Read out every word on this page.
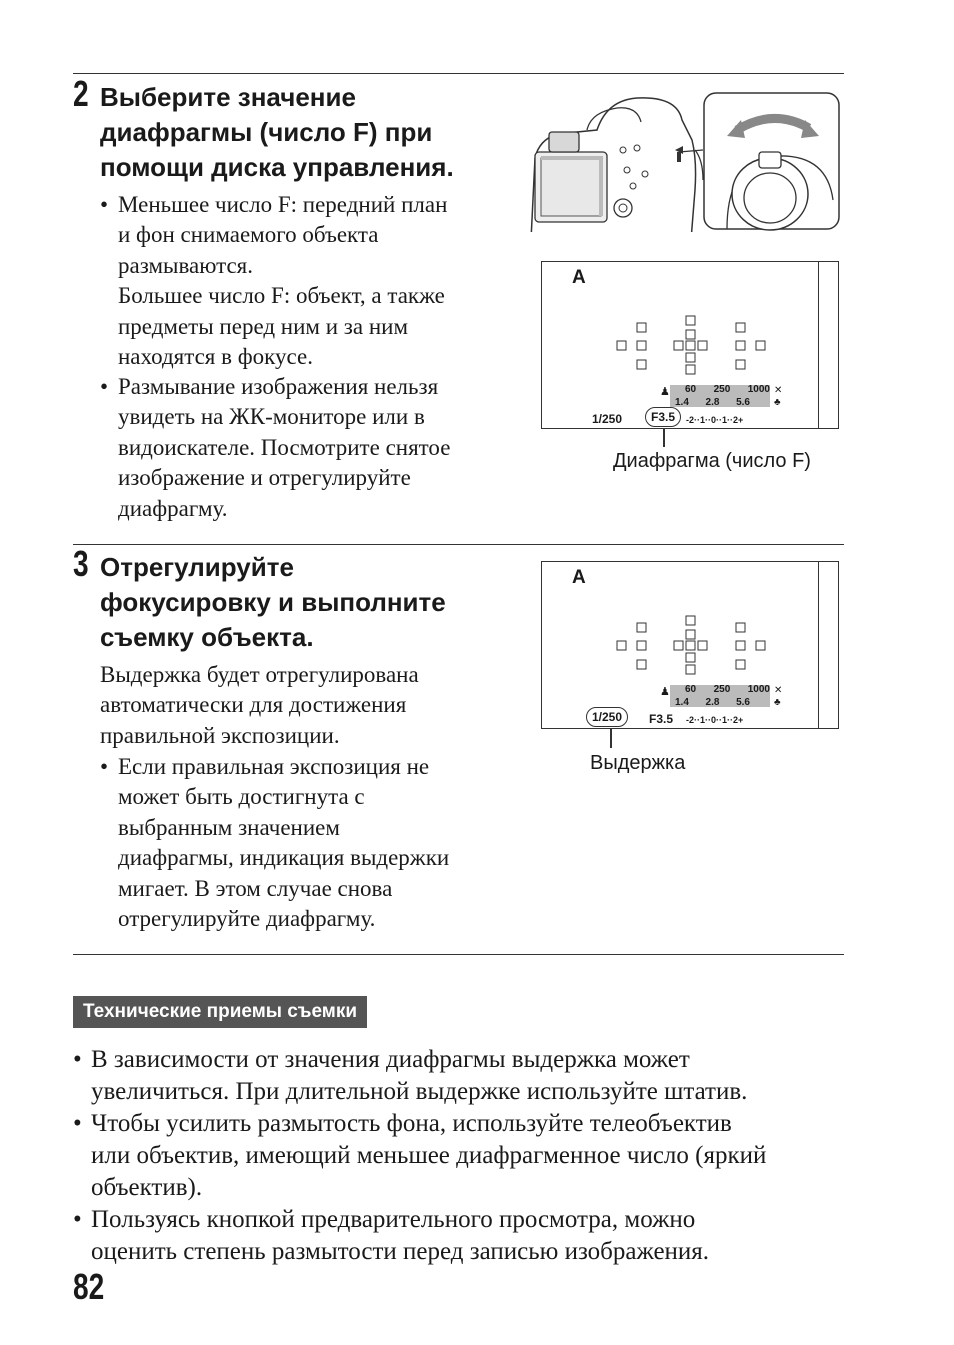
2 Выберите значение
диафрагмы (число F) при
помощи диска управления.
• Меньшее число F: передний план
и фон снимаемого объекта
размываются.
Большее число F: объект, а также
предметы перед ним и за ним
находятся в фокусе.
• Размывание изображения нельзя
увидеть на ЖК-мониторе или в
видоискателе. Посмотрите снятое
изображение и отрегулируйте
диафрагму.
A
60 250 1000
1.4 2.8 5.6
♟	✕
♣
1/250	F3.5	-2··1··0··1··2+
Диафрагма (число F)
3 Отрегулируйте
фокусировку и выполните
съемку объекта.
Выдержка будет отрегулирована
автоматически для достижения
правильной экспозиции.
• Если правильная экспозиция не
может быть достигнута с
выбранным значением
диафрагмы, индикация выдержки
мигает. В этом случае снова
отрегулируйте диафрагму.
A
60 250 1000
1.4 2.8 5.6
♟	✕
♣
1/250	F3.5 -2··1··0··1··2+
Выдержка
Технические приемы съемки
• В зависимости от значения диафрагмы выдержка может
увеличиться. При длительной выдержке используйте штатив.
• Чтобы усилить размытость фона, используйте телеобъектив
или объектив, имеющий меньшее диафрагменное число (яркий
объектив).
• Пользуясь кнопкой предварительного просмотра, можно
оценить степень размытости перед записью изображения.
82
